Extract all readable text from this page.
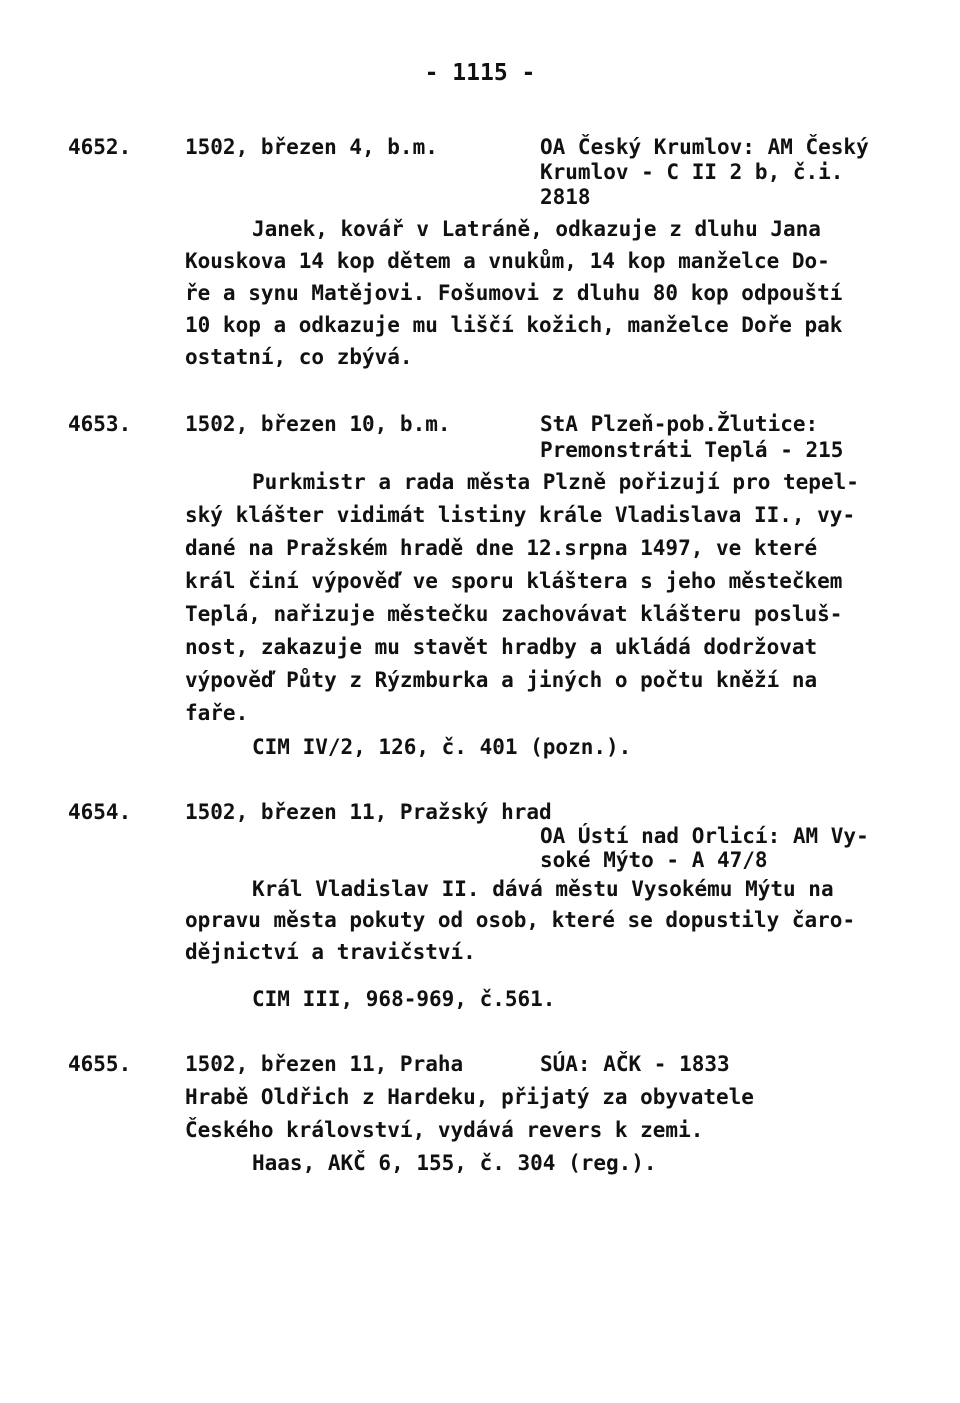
- 1115 -
4652.	1502, březen 4, b.m.	OA Český Krumlov: AM Český
Krumlov - C II 2 b, č.i.
2818
Janek, kovář v Latráně, odkazuje z dluhu Jana
Kouskova 14 kop dětem a vnukům, 14 kop manželce Do-
ře a synu Matějovi. Fošumovi z dluhu 80 kop odpouští
10 kop a odkazuje mu liščí kožich, manželce Doře pak
ostatní, co zbývá.
4653.	1502, březen 10, b.m.	StA Plzeň-pob.Žlutice:
Premonstráti Teplá - 215
Purkmistr a rada města Plzně pořizují pro tepel-
ský klášter vidimát listiny krále Vladislava II., vy-
dané na Pražském hradě dne 12.srpna 1497, ve které
král činí výpověď ve sporu kláštera s jeho městečkem
Teplá, nařizuje městečku zachovávat klášteru posluš-
nost, zakazuje mu stavět hradby a ukládá dodržovat
výpověď Půty z Rýzmburka a jiných o počtu kněží na
faře.
CIM IV/2, 126, č. 401 (pozn.).
4654.	1502, březen 11, Pražský hrad
OA Ústí nad Orlicí: AM Vy-
soké Mýto - A 47/8
Král Vladislav II. dává městu Vysokému Mýtu na
opravu města pokuty od osob, které se dopustily čaro-
dějnictví a travičství.
CIM III, 968-969, č.561.
4655.	1502, březen 11, Praha	SÚA: AČK - 1833
Hrabě Oldřich z Hardeku, přijatý za obyvatele
Českého království, vydává revers k zemi.
Haas, AKČ 6, 155, č. 304 (reg.).
